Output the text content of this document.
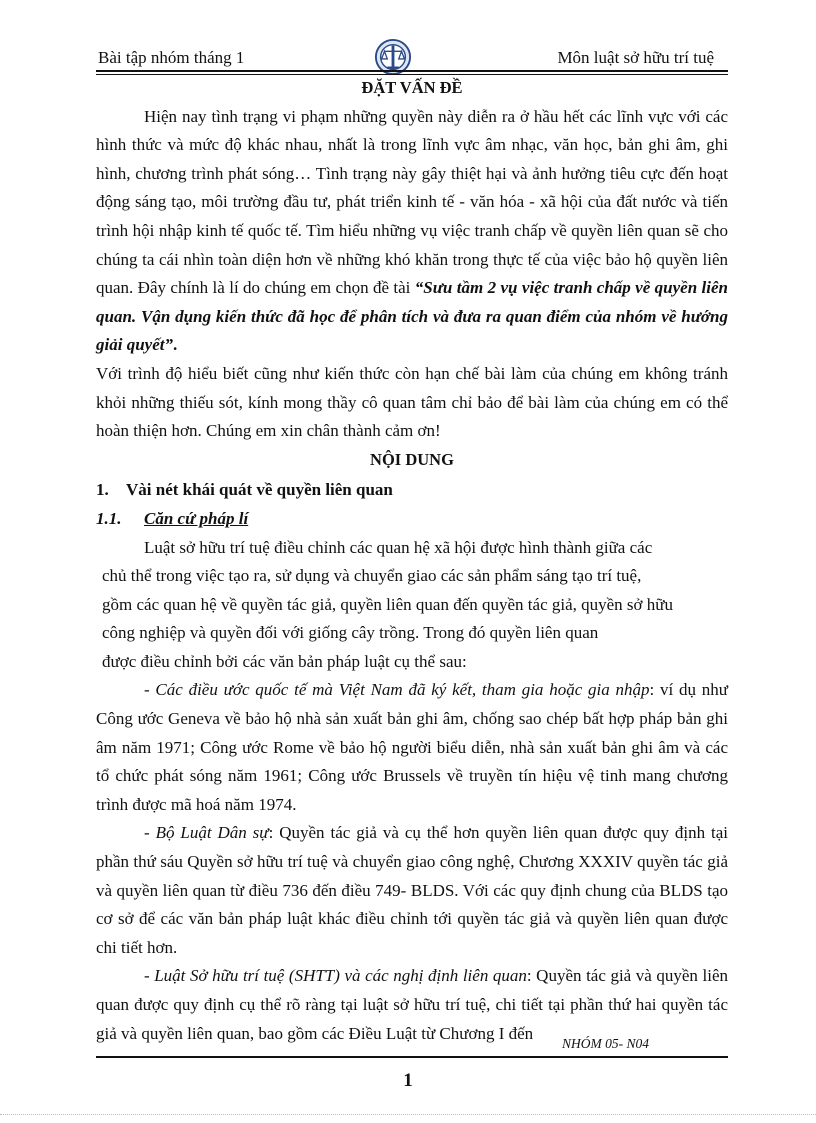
Bài tập nhóm tháng 1	Môn luật sở hữu trí tuệ

ĐẶT VẤN ĐỀ

Hiện nay tình trạng vi phạm những quyền này diễn ra ở hầu hết các lĩnh vực với các hình thức và mức độ khác nhau, nhất là trong lĩnh vực âm nhạc, văn học, bản ghi âm, ghi hình, chương trình phát sóng… Tình trạng này gây thiệt hại và ảnh hưởng tiêu cực đến hoạt động sáng tạo, môi trường đầu tư, phát triển kinh tế - văn hóa - xã hội của đất nước và tiến trình hội nhập kinh tế quốc tế. Tìm hiểu những vụ việc tranh chấp về quyền liên quan sẽ cho chúng ta cái nhìn toàn diện hơn về những khó khăn trong thực tế của việc bảo hộ quyền liên quan. Đây chính là lí do chúng em chọn đề tài “Sưu tầm 2 vụ việc tranh chấp về quyền liên quan. Vận dụng kiến thức đã học để phân tích và đưa ra quan điểm của nhóm về hướng giải quyết”.

Với trình độ hiểu biết cũng như kiến thức còn hạn chế bài làm của chúng em không tránh khỏi những thiếu sót, kính mong thầy cô quan tâm chỉ bảo để bài làm của chúng em có thể hoàn thiện hơn. Chúng em xin chân thành cảm ơn!

NỘI DUNG

1. Vài nét khái quát về quyền liên quan

1.1. Căn cứ pháp lí

Luật sở hữu trí tuệ điều chỉnh các quan hệ xã hội được hình thành giữa các

chủ thể trong việc tạo ra, sử dụng và chuyển giao các sản phẩm sáng tạo trí tuệ,

gồm các quan hệ về quyền tác giả, quyền liên quan đến quyền tác giả, quyền sở hữu

công nghiệp và quyền đối với giống cây trồng. Trong đó quyền liên quan

được điều chỉnh bởi các văn bản pháp luật cụ thể sau:

- Các điều ước quốc tế mà Việt Nam đã ký kết, tham gia hoặc gia nhập: ví dụ như Công ước Geneva về bảo hộ nhà sản xuất bản ghi âm, chống sao chép bất hợp pháp bản ghi âm năm 1971; Công ước Rome về bảo hộ người biểu diễn, nhà sản xuất bản ghi âm và các tổ chức phát sóng năm 1961; Công ước Brussels về truyền tín hiệu vệ tinh mang chương trình được mã hoá năm 1974.

- Bộ Luật Dân sự: Quyền tác giả và cụ thể hơn quyền liên quan được quy định tại phần thứ sáu Quyền sở hữu trí tuệ và chuyển giao công nghệ, Chương XXXIV quyền tác giả và quyền liên quan từ điều 736 đến điều 749- BLDS. Với các quy định chung của BLDS tạo cơ sở để các văn bản pháp luật khác điều chỉnh tới quyền tác giả và quyền liên quan được chi tiết hơn.

- Luật Sở hữu trí tuệ (SHTT) và các nghị định liên quan: Quyền tác giả và quyền liên quan được quy định cụ thể rõ ràng tại luật sở hữu trí tuệ, chi tiết tại phần thứ hai quyền tác giả và quyền liên quan, bao gồm các Điều Luật từ Chương I đến

NHÓM 05- N04
1
